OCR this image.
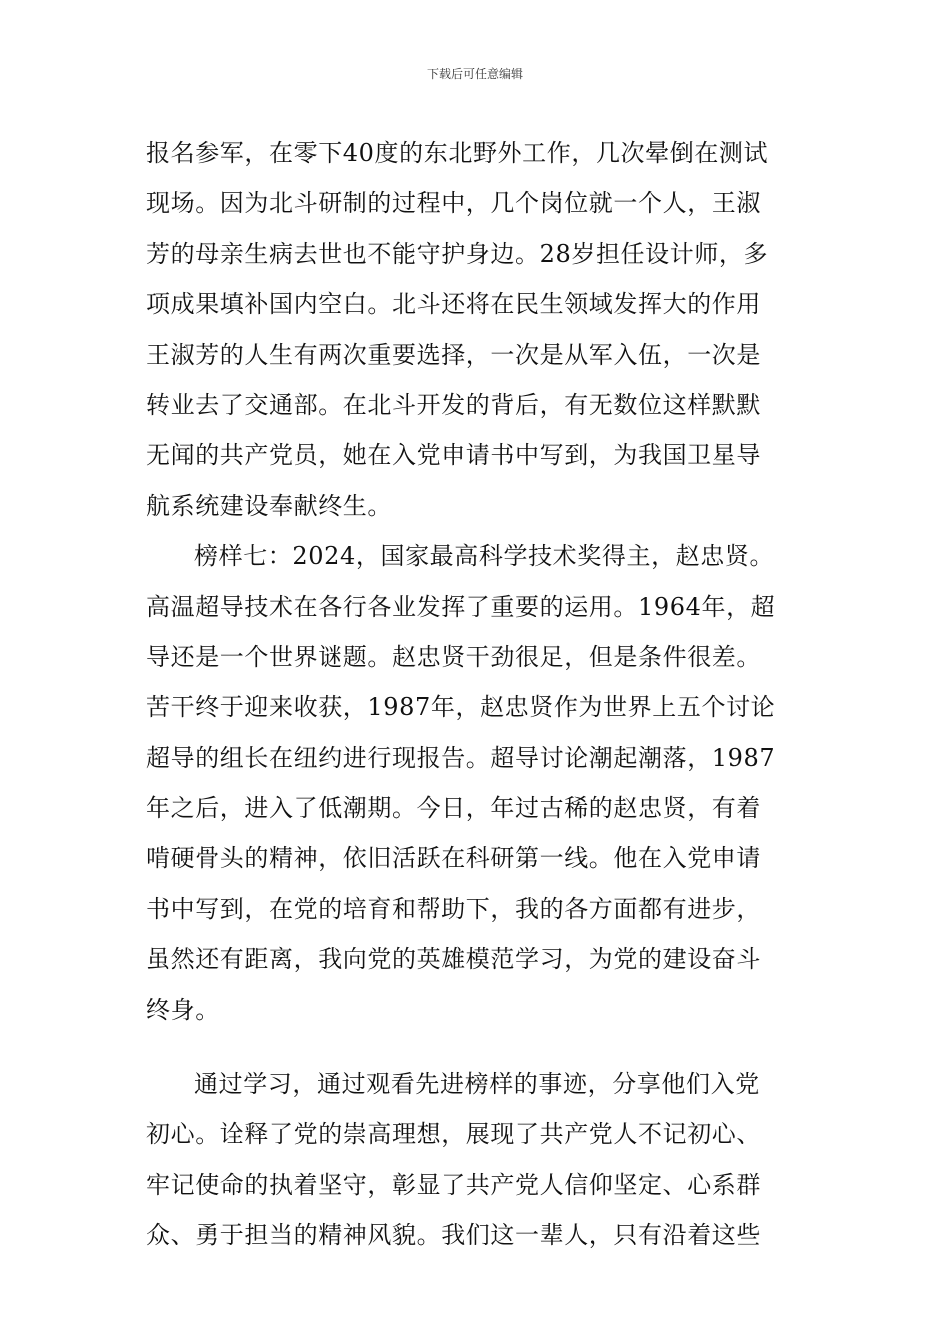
下载后可任意编辑
报名参军，在零下40度的东北野外工作，几次晕倒在测试
现场。因为北斗研制的过程中，几个岗位就一个人，王淑
芳的母亲生病去世也不能守护身边。28岁担任设计师，多
项成果填补国内空白。北斗还将在民生领域发挥大的作用
王淑芳的人生有两次重要选择，一次是从军入伍，一次是
转业去了交通部。在北斗开发的背后，有无数位这样默默
无闻的共产党员，她在入党申请书中写到，为我国卫星导
航系统建设奉献终生。
榜样七：2024，国家最高科学技术奖得主，赵忠贤。
高温超导技术在各行各业发挥了重要的运用。1964年，超
导还是一个世界谜题。赵忠贤干劲很足，但是条件很差。
苦干终于迎来收获，1987年，赵忠贤作为世界上五个讨论
超导的组长在纽约进行现报告。超导讨论潮起潮落，1987
年之后，进入了低潮期。今日，年过古稀的赵忠贤，有着
啃硬骨头的精神，依旧活跃在科研第一线。他在入党申请
书中写到，在党的培育和帮助下，我的各方面都有进步，
虽然还有距离，我向党的英雄模范学习，为党的建设奋斗
终身。
通过学习，通过观看先进榜样的事迹，分享他们入党
初心。诠释了党的崇高理想，展现了共产党人不记初心、
牢记使命的执着坚守，彰显了共产党人信仰坚定、心系群
众、勇于担当的精神风貌。我们这一辈人，只有沿着这些
